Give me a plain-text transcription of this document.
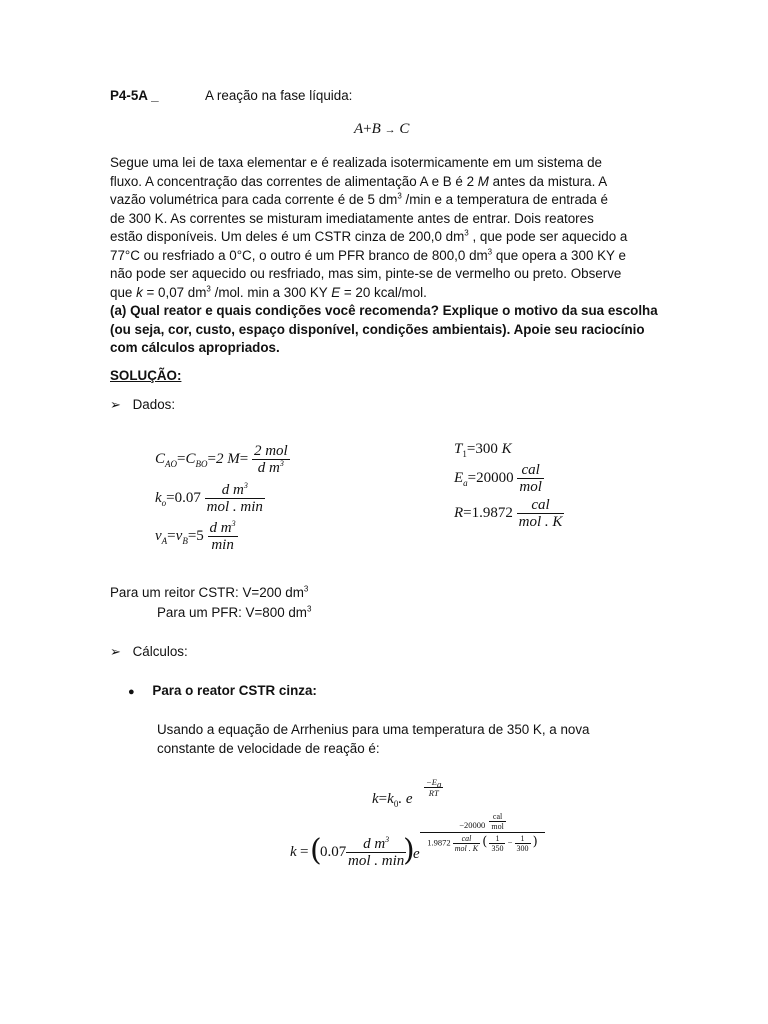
P4-5A _	A reação na fase líquida:
A+B → C
Segue uma lei de taxa elementar e é realizada isotermicamente em um sistema de
fluxo. A concentração das correntes de alimentação A e B é 2 M antes da mistura. A
vazão volumétrica para cada corrente é de 5 $dm^3$ /min e a temperatura de entrada é
de 300 K. As correntes se misturam imediatamente antes de entrar. Dois reatores
estão disponíveis. Um deles é um CSTR cinza de 200,0 $dm^3$ , que pode ser aquecido a
77°C ou resfriado a 0°C, o outro é um PFR branco de 800,0 $dm^3$ que opera a 300 KY e
não pode ser aquecido ou resfriado, mas sim, pinte-se de vermelho ou preto. Observe
que k = 0,07 $dm^3$ /mol. min a 300 KY E = 20 kcal/mol.
(a) Qual reator e quais condições você recomenda? Explique o motivo da sua escolha
(ou seja, cor, custo, espaço disponível, condições ambientais). Apoie seu raciocínio
com cálculos apropriados.
SOLUÇÃO:
➢ Dados:
$C_{AO}=C_{BO}=2$ $M= \frac{\text{2 mol}}{d m^3}$
$k_o=0.07 \frac{d m^3}{\text{mol . min}}$
$v_A=v_B=5 \frac{d m^3}{\min}$
$T_1=300$ K
$E_a=20000 \frac{\text{cal}}{\text{mol}}$
$R=1.9872 \frac{\text{cal}}{\text{mol . K}}$
Para um reitor CSTR: V=200 $dm^3$
Para um PFR: V=800 $dm^3$
➢ Cálculos:
● Para o reator CSTR cinza:
Usando a equação de Arrhenius para uma temperatura de 350 K, a nova
constante de velocidade de reação é:
$k=k_0$. e
$\frac{-E_a}{RT}$
k = (
0.07	d $m^3$
mol . min
)
e
$-20000 \frac{\text{cal}}{\text{mol}}$
$1.9872 \frac{\text{cal}}{\text{mol . K}}$ ( $\frac{1}{350} - \frac{1}{300}$ )
